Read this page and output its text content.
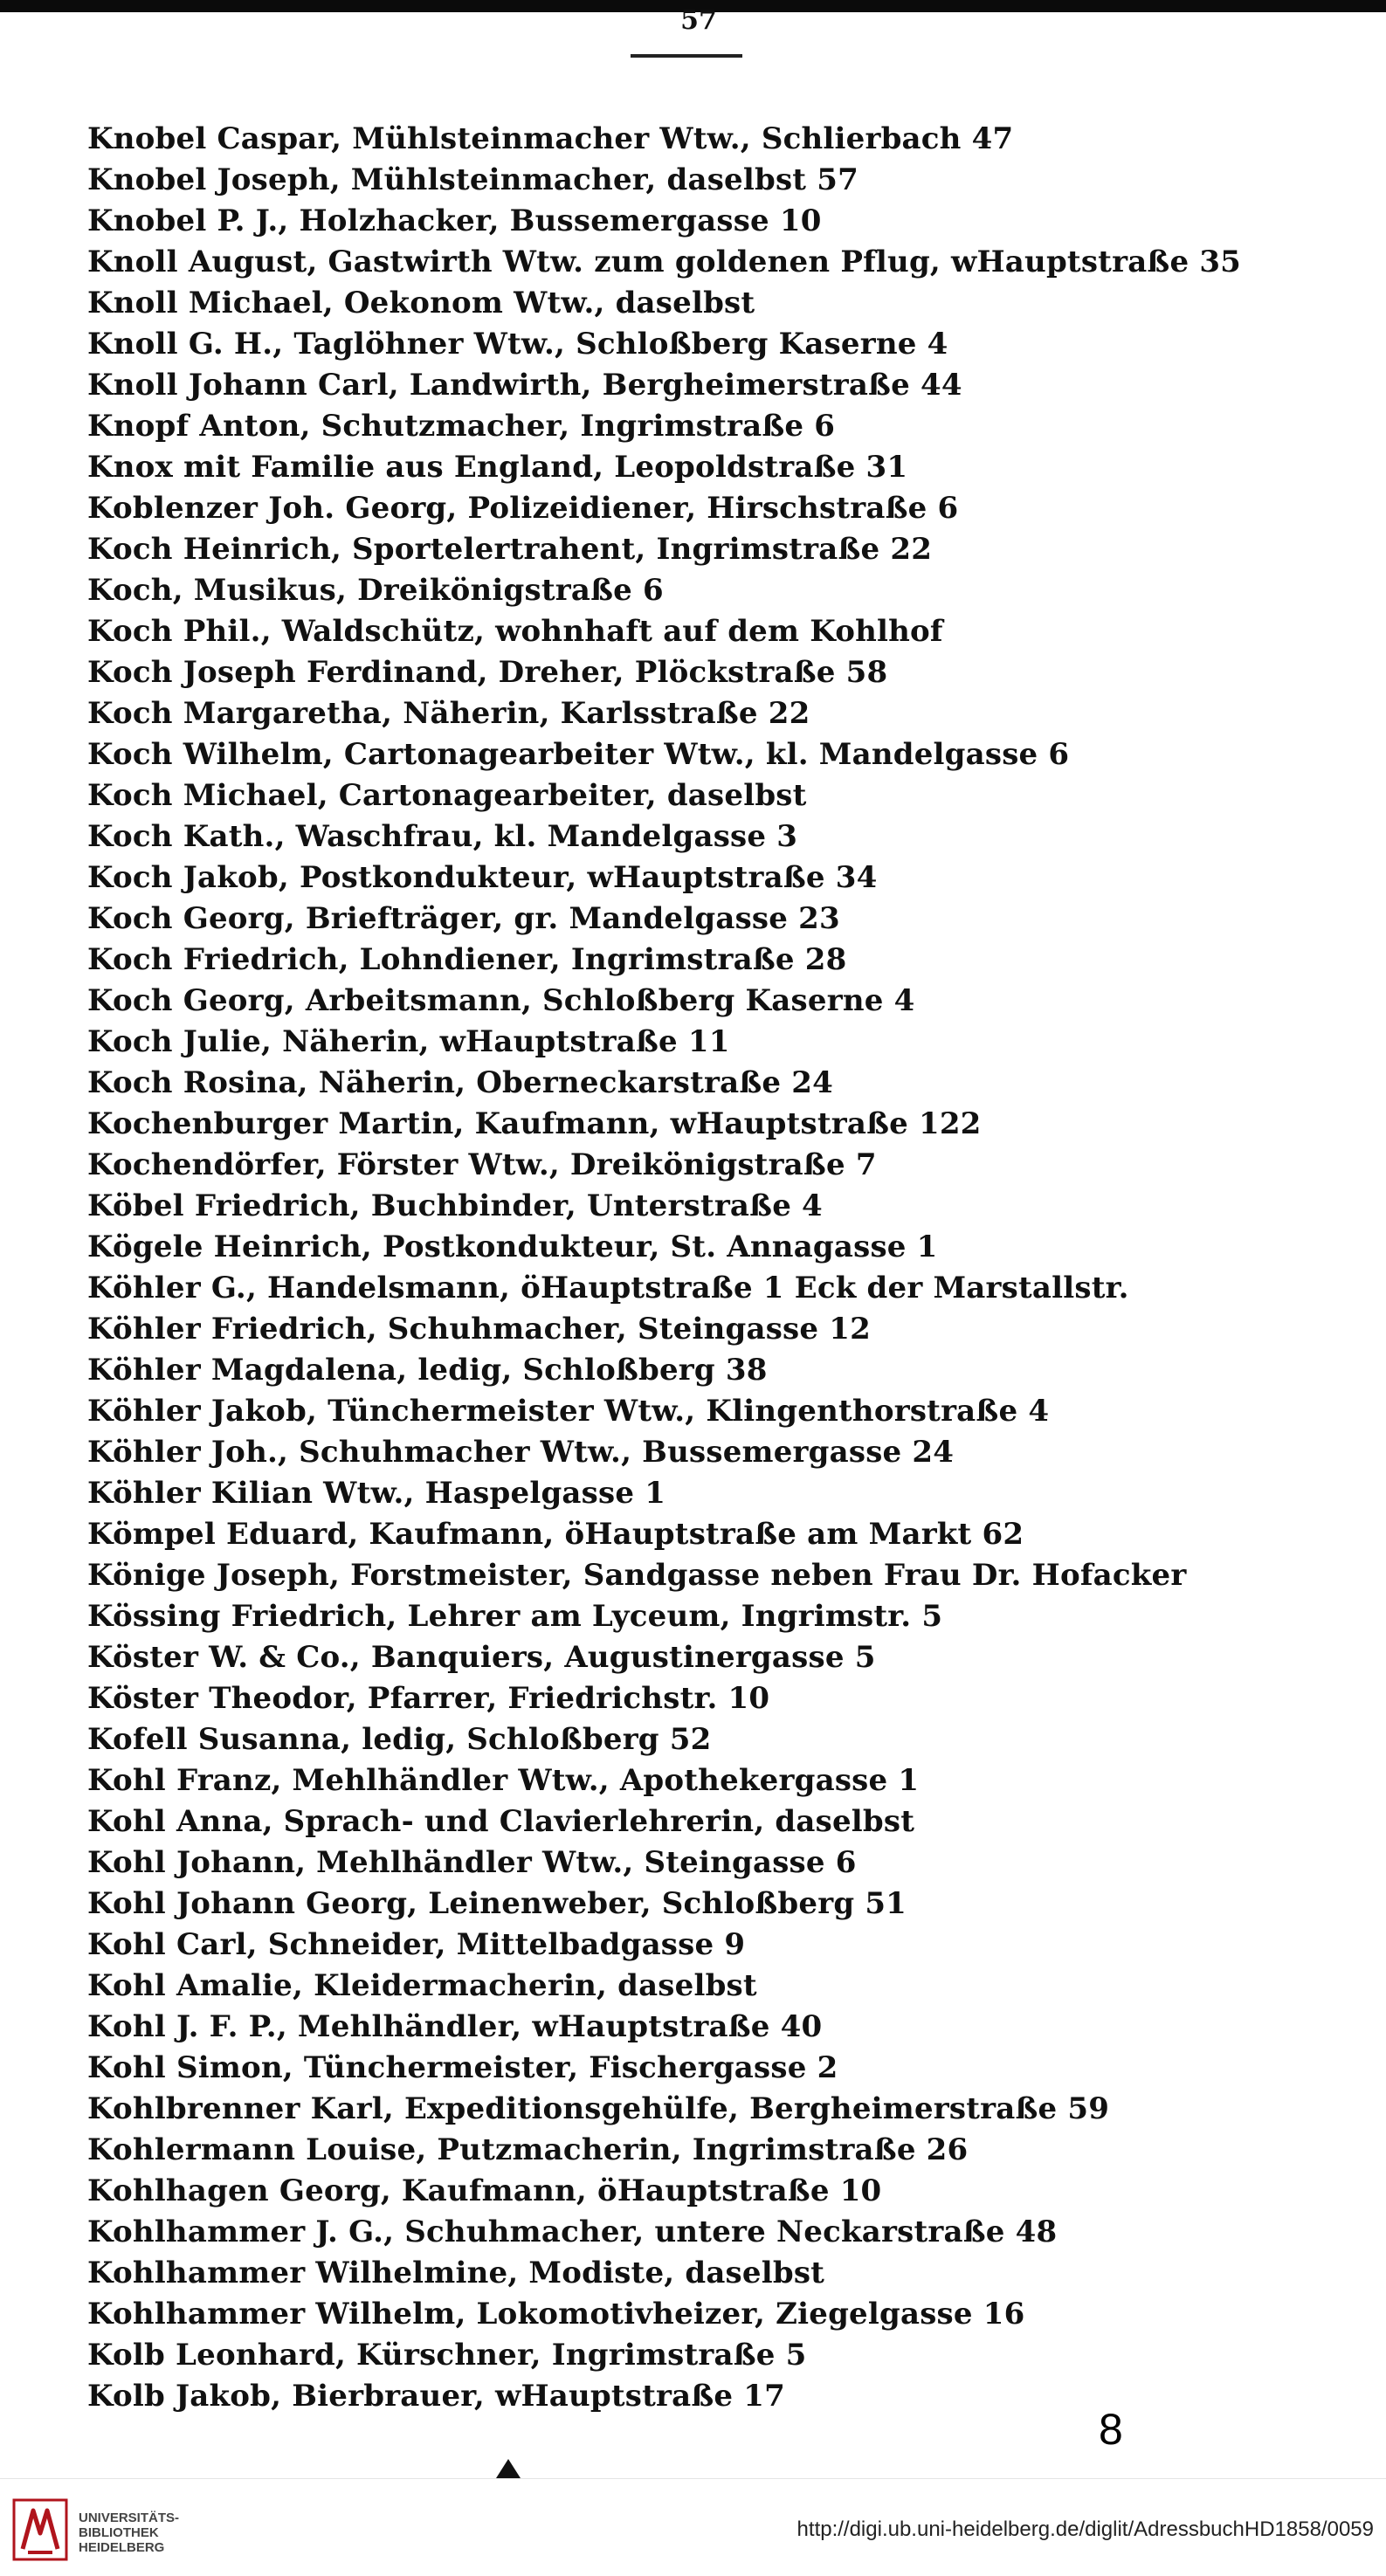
57
Knobel Caspar, Mühlsteinmacher Wtw., Schlierbach 47
Knobel Joseph, Mühlsteinmacher, daselbst 57
Knobel P. J., Holzhacker, Bussemergasse 10
Knoll August, Gastwirth Wtw. zum goldenen Pflug, wHauptstraße 35
Knoll Michael, Oekonom Wtw., daselbst
Knoll G. H., Taglöhner Wtw., Schloßberg Kaserne 4
Knoll Johann Carl, Landwirth, Bergheimerstraße 44
Knopf Anton, Schutzmacher, Ingrimstraße 6
Knox mit Familie aus England, Leopoldstraße 31
Koblenzer Joh. Georg, Polizeidiener, Hirschstraße 6
Koch Heinrich, Sportelertrahent, Ingrimstraße 22
Koch, Musikus, Dreikönigstraße 6
Koch Phil., Waldschütz, wohnhaft auf dem Kohlhof
Koch Joseph Ferdinand, Dreher, Plöckstraße 58
Koch Margaretha, Näherin, Karlsstraße 22
Koch Wilhelm, Cartonagearbeiter Wtw., kl. Mandelgasse 6
Koch Michael, Cartonagearbeiter, daselbst
Koch Kath., Waschfrau, kl. Mandelgasse 3
Koch Jakob, Postkondukteur, wHauptstraße 34
Koch Georg, Briefträger, gr. Mandelgasse 23
Koch Friedrich, Lohndiener, Ingrimstraße 28
Koch Georg, Arbeitsmann, Schloßberg Kaserne 4
Koch Julie, Näherin, wHauptstraße 11
Koch Rosina, Näherin, Oberneckarstraße 24
Kochenburger Martin, Kaufmann, wHauptstraße 122
Kochendörfer, Förster Wtw., Dreikönigstraße 7
Köbel Friedrich, Buchbinder, Unterstraße 4
Kögele Heinrich, Postkondukteur, St. Annagasse 1
Köhler G., Handelsmann, öHauptstraße 1 Eck der Marstallstr.
Köhler Friedrich, Schuhmacher, Steingasse 12
Köhler Magdalena, ledig, Schloßberg 38
Köhler Jakob, Tünchermeister Wtw., Klingenthorstraße 4
Köhler Joh., Schuhmacher Wtw., Bussemergasse 24
Köhler Kilian Wtw., Haspelgasse 1
Kömpel Eduard, Kaufmann, öHauptstraße am Markt 62
Könige Joseph, Forstmeister, Sandgasse neben Frau Dr. Hofacker
Kössing Friedrich, Lehrer am Lyceum, Ingrimstr. 5
Köster W. & Co., Banquiers, Augustinergasse 5
Köster Theodor, Pfarrer, Friedrichstr. 10
Kofell Susanna, ledig, Schloßberg 52
Kohl Franz, Mehlhändler Wtw., Apothekergasse 1
Kohl Anna, Sprach- und Clavierlehrerin, daselbst
Kohl Johann, Mehlhändler Wtw., Steingasse 6
Kohl Johann Georg, Leinenweber, Schloßberg 51
Kohl Carl, Schneider, Mittelbadgasse 9
Kohl Amalie, Kleidermacherin, daselbst
Kohl J. F. P., Mehlhändler, wHauptstraße 40
Kohl Simon, Tünchermeister, Fischergasse 2
Kohlbrenner Karl, Expeditionsgehülfe, Bergheimerstraße 59
Kohlermann Louise, Putzmacherin, Ingrimstraße 26
Kohlhagen Georg, Kaufmann, öHauptstraße 10
Kohlhammer J. G., Schuhmacher, untere Neckarstraße 48
Kohlhammer Wilhelmine, Modiste, daselbst
Kohlhammer Wilhelm, Lokomotivheizer, Ziegelgasse 16
Kolb Leonhard, Kürschner, Ingrimstraße 5
Kolb Jakob, Bierbrauer, wHauptstraße 17
8
UNIVERSITÄTS-
BIBLIOTHEK
HEIDELBERG
http://digi.ub.uni-heidelberg.de/diglit/AdressbuchHD1858/0059
